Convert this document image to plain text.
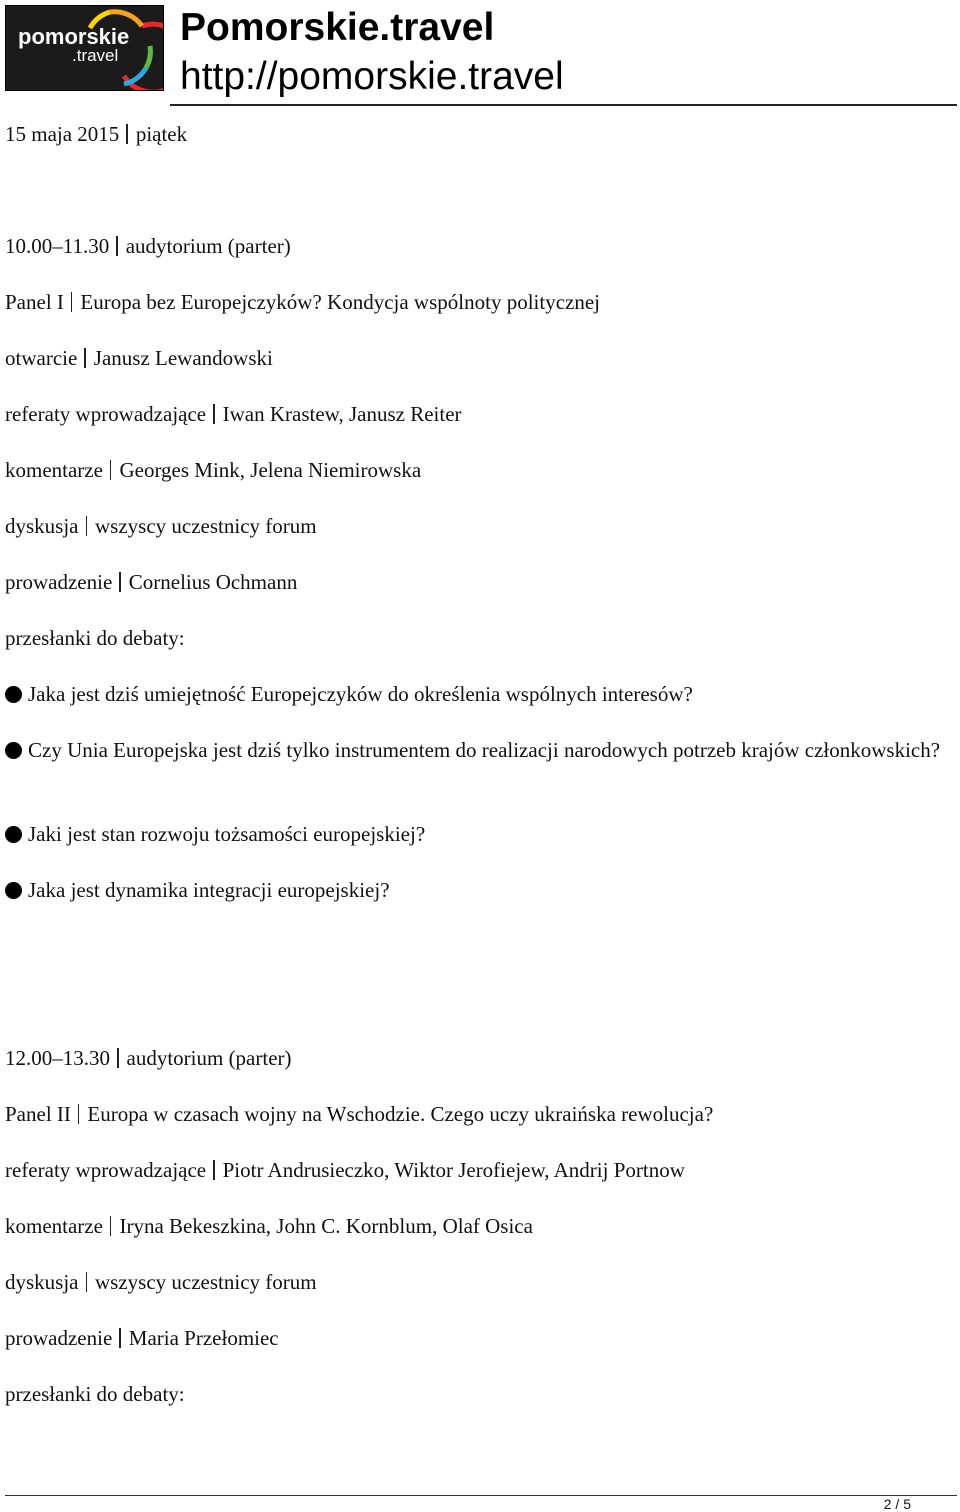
pomorskie
.travel
Pomorskie.travel
http://pomorskie.travel
15 maja 2015 piątek
10.00–11.30 audytorium (parter)
Panel I Europa bez Europejczyków? Kondycja wspólnoty politycznej
otwarcie Janusz Lewandowski
referaty wprowadzające Iwan Krastew, Janusz Reiter
komentarze Georges Mink, Jelena Niemirowska
dyskusja wszyscy uczestnicy forum
prowadzenie Cornelius Ochmann
przesłanki do debaty:
Jaka jest dziś umiejętność Europejczyków do określenia wspólnych interesów?
Czy Unia Europejska jest dziś tylko instrumentem do realizacji narodowych potrzeb krajów członkowskich?
Jaki jest stan rozwoju tożsamości europejskiej?
Jaka jest dynamika integracji europejskiej?
12.00–13.30 audytorium (parter)
Panel II Europa w czasach wojny na Wschodzie. Czego uczy ukraińska rewolucja?
referaty wprowadzające Piotr Andrusieczko, Wiktor Jerofiejew, Andrij Portnow
komentarze Iryna Bekeszkina, John C. Kornblum, Olaf Osica
dyskusja wszyscy uczestnicy forum
prowadzenie Maria Przełomiec
przesłanki do debaty:
2 / 5
